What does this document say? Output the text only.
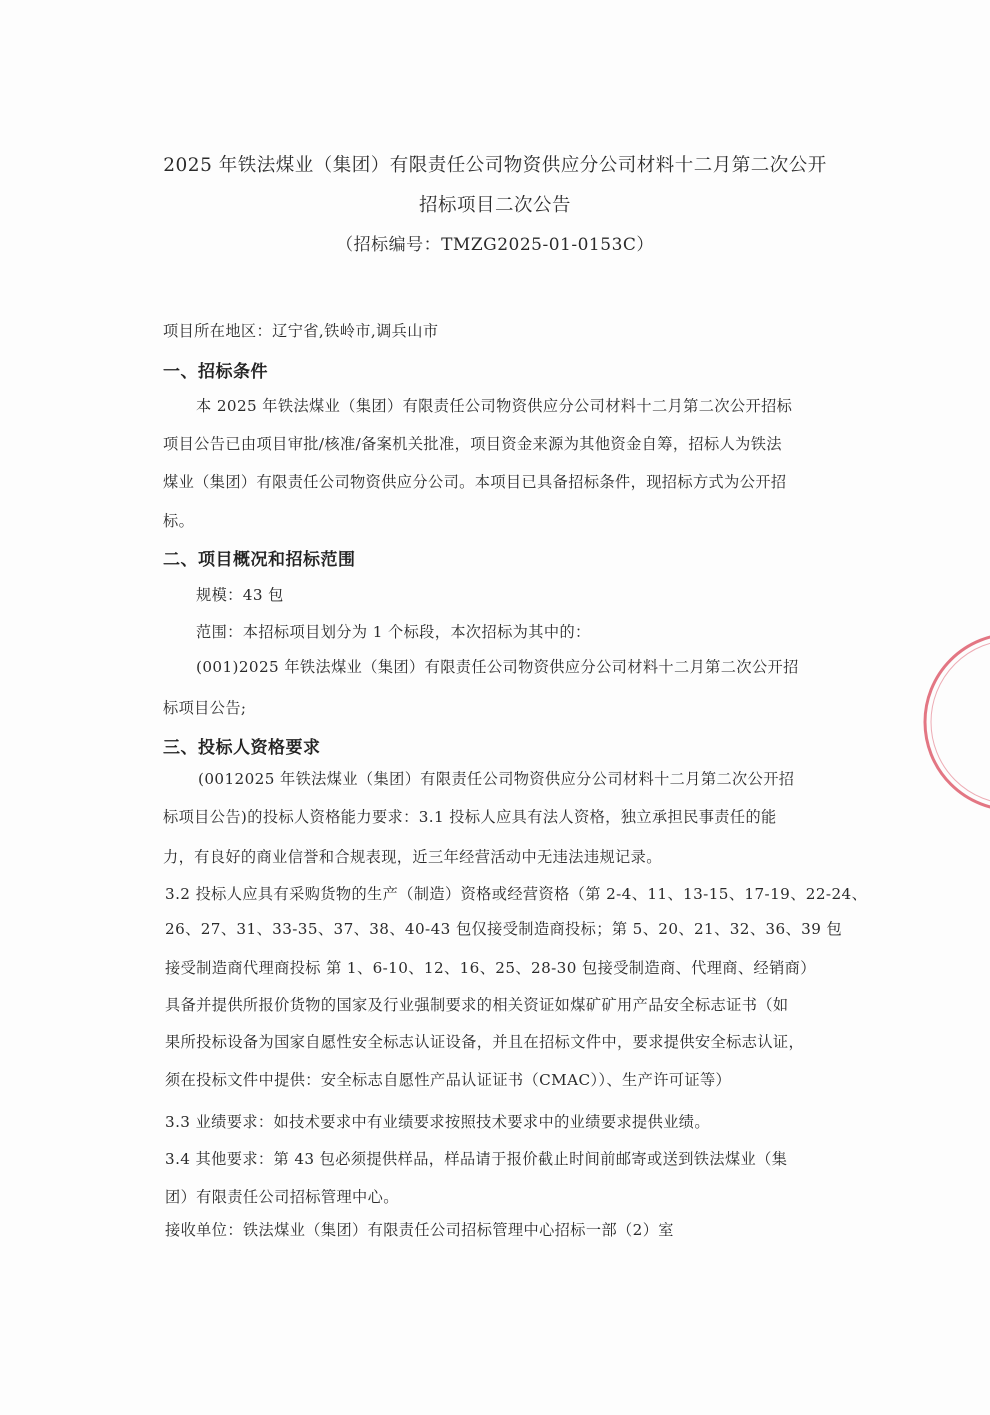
2025 年铁法煤业（集团）有限责任公司物资供应分公司材料十二月第二次公开
招标项目二次公告
（招标编号：TMZG2025-01-0153C）
项目所在地区：辽宁省,铁岭市,调兵山市
一、招标条件
本 2025 年铁法煤业（集团）有限责任公司物资供应分公司材料十二月第二次公开招标
项目公告已由项目审批/核准/备案机关批准，项目资金来源为其他资金自筹，招标人为铁法
煤业（集团）有限责任公司物资供应分公司。本项目已具备招标条件，现招标方式为公开招
标。
二、项目概况和招标范围
规模：43 包
范围：本招标项目划分为 1 个标段，本次招标为其中的：
(001)2025 年铁法煤业（集团）有限责任公司物资供应分公司材料十二月第二次公开招
标项目公告;
三、投标人资格要求
(0012025 年铁法煤业（集团）有限责任公司物资供应分公司材料十二月第二次公开招
标项目公告)的投标人资格能力要求：3.1 投标人应具有法人资格，独立承担民事责任的能
力，有良好的商业信誉和合规表现，近三年经营活动中无违法违规记录。
3.2 投标人应具有采购货物的生产（制造）资格或经营资格（第 2-4、11、13-15、17-19、22-24、
26、27、31、33-35、37、38、40-43 包仅接受制造商投标；第 5、20、21、32、36、39 包
接受制造商代理商投标 第 1、6-10、12、16、25、28-30 包接受制造商、代理商、经销商）
具备并提供所报价货物的国家及行业强制要求的相关资证如煤矿矿用产品安全标志证书（如
果所投标设备为国家自愿性安全标志认证设备，并且在招标文件中，要求提供安全标志认证，
须在投标文件中提供：安全标志自愿性产品认证证书（CMAC））、生产许可证等）
3.3 业绩要求：如技术要求中有业绩要求按照技术要求中的业绩要求提供业绩。
3.4 其他要求：第 43 包必须提供样品，样品请于报价截止时间前邮寄或送到铁法煤业（集
团）有限责任公司招标管理中心。
接收单位：铁法煤业（集团）有限责任公司招标管理中心招标一部（2）室
